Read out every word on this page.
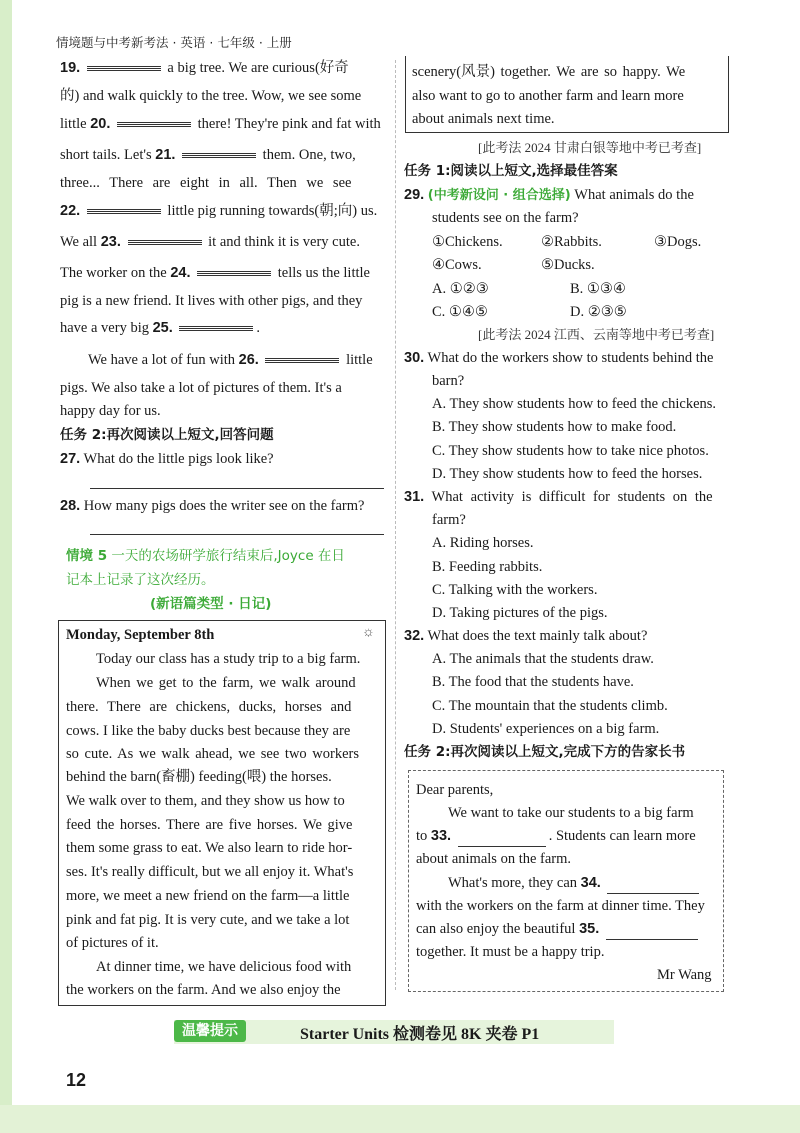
情境题与中考新考法 · 英语 · 七年级 · 上册
19.	a big tree. We are curious(好奇
的) and walk quickly to the tree. Wow, we see some
little 20.	there! They're pink and fat with
short tails. Let's 21.	them. One, two,
three... There are eight in all. Then we see
22.	little pig running towards(朝;向) us.
We all 23.	it and think it is very cute.
The worker on the 24.	tells us the little
pig is a new friend. It lives with other pigs, and they
have a very big 25.	.
We have a lot of fun with 26.	little
pigs. We also take a lot of pictures of them. It's a
happy day for us.
任务 2:再次阅读以上短文,回答问题
27. What do the little pigs look like?
28. How many pigs does the writer see on the farm?
情境 5 一天的农场研学旅行结束后,Joyce 在日
记本上记录了这次经历。
(新语篇类型 · 日记)
Monday, September 8th	☼
Today our class has a study trip to a big farm.
When we get to the farm, we walk around
there. There are chickens, ducks, horses and
cows. I like the baby ducks best because they are
so cute. As we walk ahead, we see two workers
behind the barn(畜棚) feeding(喂) the horses.
We walk over to them, and they show us how to
feed the horses. There are five horses. We give
them some grass to eat. We also learn to ride hor-
ses. It's really difficult, but we all enjoy it. What's
more, we meet a new friend on the farm—a little
pink and fat pig. It is very cute, and we take a lot
of pictures of it.
At dinner time, we have delicious food with
the workers on the farm. And we also enjoy the
scenery(风景) together. We are so happy. We
also want to go to another farm and learn more
about animals next time.
[此考法 2024 甘肃白银等地中考已考查]
任务 1:阅读以上短文,选择最佳答案
29. (中考新设问 · 组合选择) What animals do the
students see on the farm?
①Chickens.	②Rabbits.	③Dogs.
④Cows.	⑤Ducks.
A. ①②③	B. ①③④
C. ①④⑤	D. ②③⑤
[此考法 2024 江西、云南等地中考已考查]
30. What do the workers show to students behind the
barn?
A. They show students how to feed the chickens.
B. They show students how to make food.
C. They show students how to take nice photos.
D. They show students how to feed the horses.
31. What activity is difficult for students on the
farm?
A. Riding horses.
B. Feeding rabbits.
C. Talking with the workers.
D. Taking pictures of the pigs.
32. What does the text mainly talk about?
A. The animals that the students draw.
B. The food that the students have.
C. The mountain that the students climb.
D. Students' experiences on a big farm.
任务 2:再次阅读以上短文,完成下方的告家长书
Dear parents,
We want to take our students to a big farm
to 33.	. Students can learn more
about animals on the farm.
What's more, they can 34.
with the workers on the farm at dinner time. They
can also enjoy the beautiful 35.
together. It must be a happy trip.
Mr Wang
温馨提示	Starter Units 检测卷见 8K 夹卷 P1
12
